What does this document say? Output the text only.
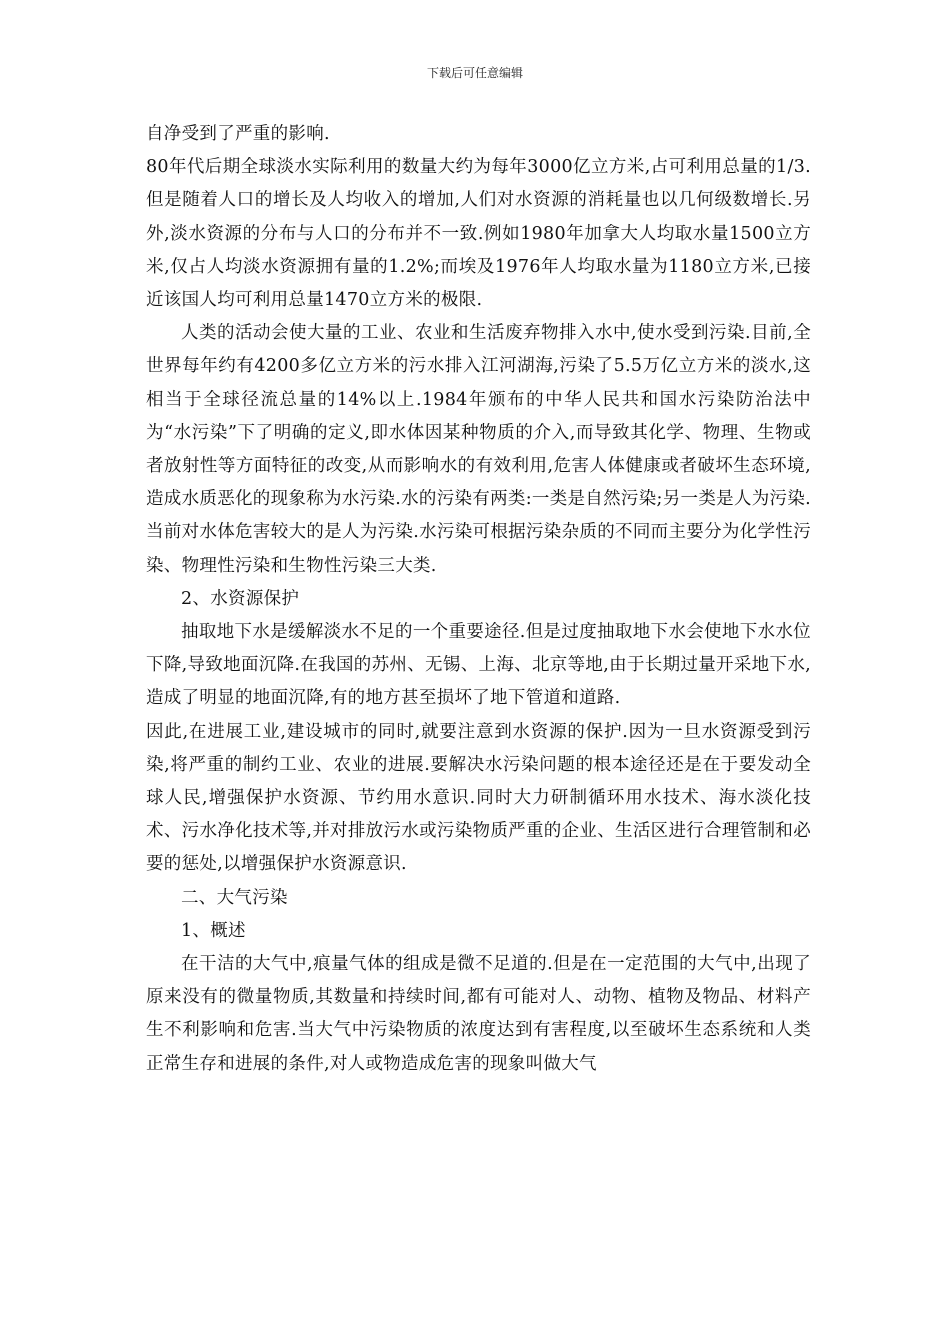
下载后可任意编辑

自净受到了严重的影响.

80年代后期全球淡水实际利用的数量大约为每年3000亿立方米,占可利用总量的1/3.但是随着人口的增长及人均收入的增加,人们对水资源的消耗量也以几何级数增长.另外,淡水资源的分布与人口的分布并不一致.例如1980年加拿大人均取水量1500立方米,仅占人均淡水资源拥有量的1.2%;而埃及1976年人均取水量为1180立方米,已接近该国人均可利用总量1470立方米的极限.

人类的活动会使大量的工业、农业和生活废弃物排入水中,使水受到污染.目前,全世界每年约有4200多亿立方米的污水排入江河湖海,污染了5.5万亿立方米的淡水,这相当于全球径流总量的14%以上.1984年颁布的中华人民共和国水污染防治法中为“水污染”下了明确的定义,即水体因某种物质的介入,而导致其化学、物理、生物或者放射性等方面特征的改变,从而影响水的有效利用,危害人体健康或者破坏生态环境,造成水质恶化的现象称为水污染.水的污染有两类:一类是自然污染;另一类是人为污染.当前对水体危害较大的是人为污染.水污染可根据污染杂质的不同而主要分为化学性污染、物理性污染和生物性污染三大类.

2、水资源保护

抽取地下水是缓解淡水不足的一个重要途径.但是过度抽取地下水会使地下水水位下降,导致地面沉降.在我国的苏州、无锡、上海、北京等地,由于长期过量开采地下水,造成了明显的地面沉降,有的地方甚至损坏了地下管道和道路.

因此,在进展工业,建设城市的同时,就要注意到水资源的保护.因为一旦水资源受到污染,将严重的制约工业、农业的进展.要解决水污染问题的根本途径还是在于要发动全球人民,增强保护水资源、节约用水意识.同时大力研制循环用水技术、海水淡化技术、污水净化技术等,并对排放污水或污染物质严重的企业、生活区进行合理管制和必要的惩处,以增强保护水资源意识.

二、大气污染

1、概述

在干洁的大气中,痕量气体的组成是微不足道的.但是在一定范围的大气中,出现了原来没有的微量物质,其数量和持续时间,都有可能对人、动物、植物及物品、材料产生不利影响和危害.当大气中污染物质的浓度达到有害程度,以至破坏生态系统和人类正常生存和进展的条件,对人或物造成危害的现象叫做大气
